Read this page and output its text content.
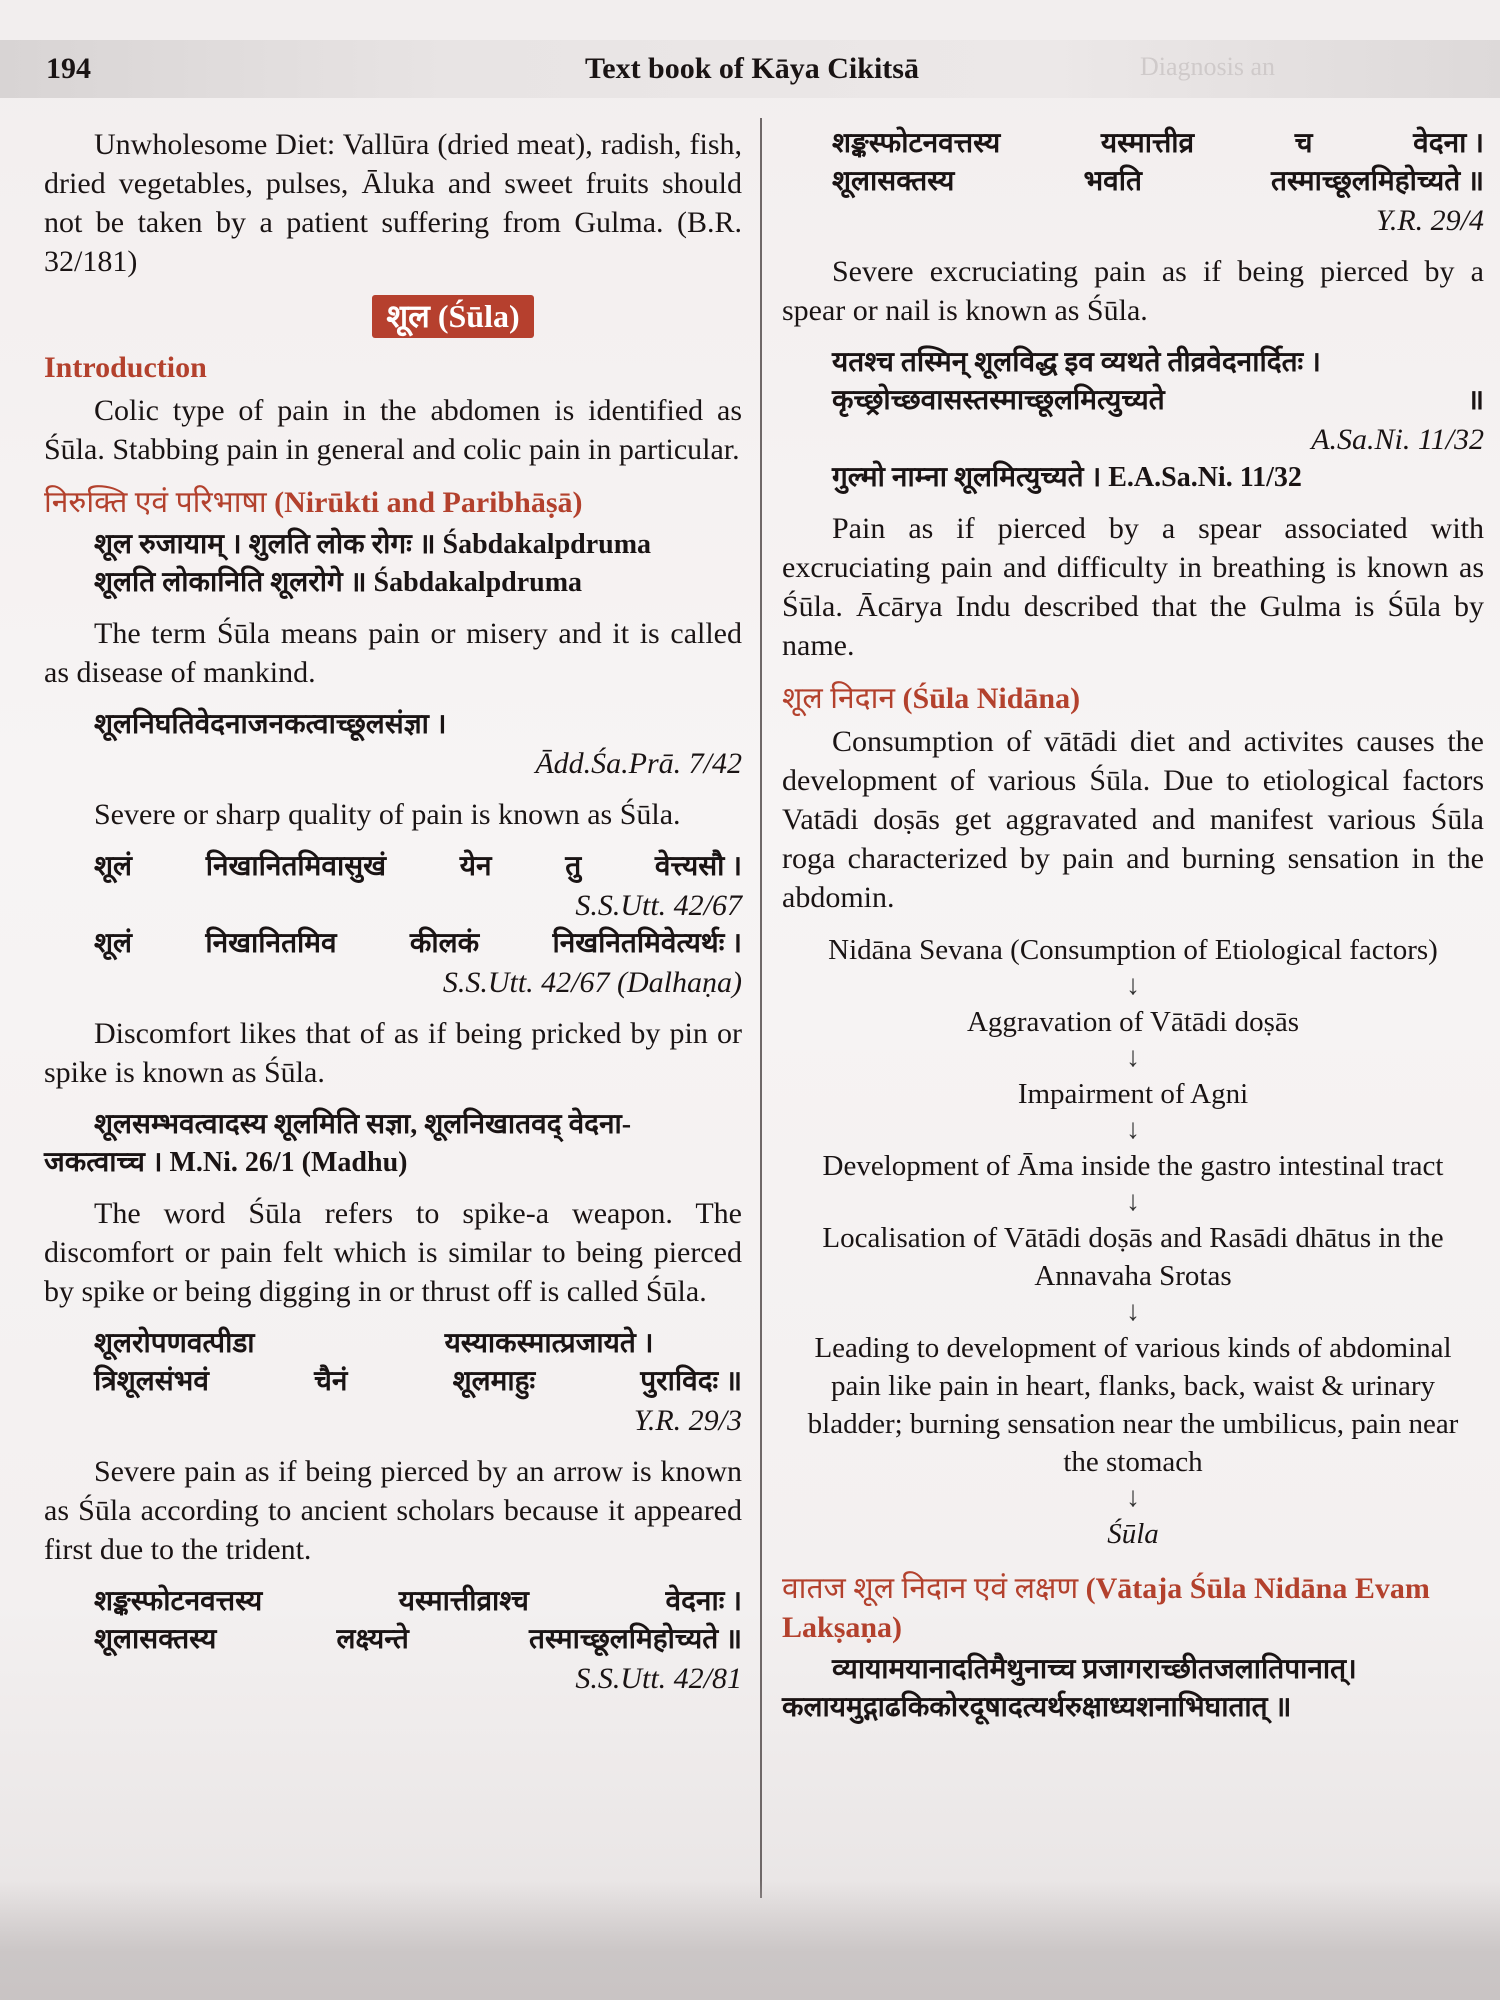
194	Text book of Kāya Cikitsā	Diagnosis an

Unwholesome Diet: Vallūra (dried meat), radish, fish, dried vegetables, pulses, Āluka and sweet fruits should not be taken by a patient suffering from Gulma. (B.R. 32/181)

शूल (Śūla)

Introduction

Colic type of pain in the abdomen is identified as Śūla. Stabbing pain in general and colic pain in particular.

निरुक्ति एवं परिभाषा (Nirūkti and Paribhāṣā)

शूल रुजायाम् । शुलति लोक रोगः ॥ Śabdakalpdruma

शूलति लोकानिति शूलरोगे ॥ Śabdakalpdruma

The term Śūla means pain or misery and it is called as disease of mankind.

शूलनिघतिवेदनाजनकत्वाच्छूलसंज्ञा ।

Ādd.Śa.Prā. 7/42

Severe or sharp quality of pain is known as Śūla.

शूलं	निखानितमिवासुखं	येन	तु	वेत्त्यसौ ।

S.S.Utt. 42/67

शूलं	निखानितमिव	कीलकं	निखनितमिवेत्यर्थः ।

S.S.Utt. 42/67 (Dalhaṇa)

Discomfort likes that of as if being pricked by pin or spike is known as Śūla.

शूलसम्भवत्वादस्य शूलमिति सज्ञा, शूलनिखातवद् वेदना-

जकत्वाच्च । M.Ni. 26/1 (Madhu)

The word Śūla refers to spike-a weapon. The discomfort or pain felt which is similar to being pierced by spike or being digging in or thrust off is called Śūla.

शूलरोपणवत्पीडा	यस्याकस्मात्प्रजायते ।

त्रिशूलसंभवं	चैनं	शूलमाहुः	पुराविदः ॥

Y.R. 29/3

Severe pain as if being pierced by an arrow is known as Śūla according to ancient scholars because it appeared first due to the trident.

शङ्कस्फोटनवत्तस्य	यस्मात्तीव्राश्च	वेदनाः ।

शूलासक्तस्य	लक्ष्यन्ते	तस्माच्छूलमिहोच्यते ॥

S.S.Utt. 42/81

शङ्कस्फोटनवत्तस्य	यस्मात्तीव्र	च	वेदना ।

शूलासक्तस्य	भवति	तस्माच्छूलमिहोच्यते ॥

Y.R. 29/4

Severe excruciating pain as if being pierced by a spear or nail is known as Śūla.

यतश्च तस्मिन् शूलविद्ध इव व्यथते तीव्रवेदनार्दितः ।

कृच्छ्रोच्छवासस्तस्माच्छूलमित्युच्यते	॥

A.Sa.Ni. 11/32

गुल्मो नाम्ना शूलमित्युच्यते । E.A.Sa.Ni. 11/32

Pain as if pierced by a spear associated with excruciating pain and difficulty in breathing is known as Śūla. Ācārya Indu described that the Gulma is Śūla by name.

शूल निदान (Śūla Nidāna)

Consumption of vātādi diet and activites causes the development of various Śūla. Due to etiological factors Vatādi doṣās get aggravated and manifest various Śūla roga characterized by pain and burning sensation in the abdomin.

Nidāna Sevana (Consumption of Etiological factors)
↓
Aggravation of Vātādi doṣās
↓
Impairment of Agni
↓
Development of Āma inside the gastro intestinal tract
↓
Localisation of Vātādi doṣās and Rasādi dhātus in the Annavaha Srotas
↓
Leading to development of various kinds of abdominal pain like pain in heart, flanks, back, waist & urinary bladder; burning sensation near the umbilicus, pain near the stomach
↓
Śūla

वातज शूल निदान एवं लक्षण (Vātaja Śūla Nidāna Evam Lakṣaṇa)

व्यायामयानादतिमैथुनाच्च प्रजागराच्छीतजलातिपानात्।

कलायमुद्गाढकिकोरदूषादत्यर्थरुक्षाध्यशनाभिघातात् ॥
